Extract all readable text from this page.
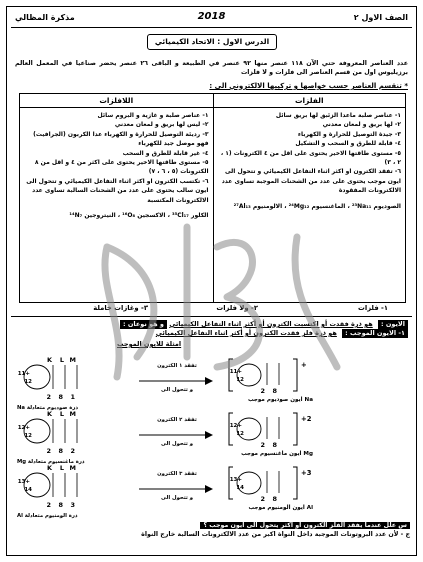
الصف الاول ٢
2018
مذكرة المظالي
الدرس الاول : الاتحاد الكيميائي
عدد العناصر المعروفة حتي الآن ١١٨ عنصر منها ٩٢ عنصر في الطبيعة و الباقى ٢٦ عنصر يحضر صناعيا في المعمل العالم برزيليوس اول من قسم العناصر الى فلزات و لا فلزات
* تنقسم العناصر حسب خواصها و تركيبها الالكتروني الى :
الفلزات
١- عناصر صلبة ماعدا الزئبق لها بريق سائل
٢- لها بريق و لمعان معدني
٣- جيدة التوصيل للحرارة و الكهرباء
٤- قابلة للطرق و السحب و التشكيل
٥- مستوى طاقتها الاخير يحتوى على اقل من ٤ الكترونات (١ ، ٢ ، ٣)
٦- تفقد الكترون او اكثر اثناء التفاعل الكيميائي و تتحول الى ايون موجب يحتوى على عدد من الشحنات الموجبة تساوى عدد الالكترونات المفقودة
الصوديوم ²³Na₁₁ ، الماغنسيوم ²⁴Mg₁₂ ، الالومنيوم ²⁷Al₁₃
اللافلزات
١- عناصر صلبة و غازية و البروم سائل
٢- ليس لها بريق و لمعان معدني
٣- رديئة التوصيل للحرارة و الكهرباء عدا الكربون (الجرافيت) فهو موصل جيد للكهرباء
٤- غير قابلة للطرق و السحب
٥- مستوى طاقتها الاخير يحتوى على اكثر من ٤ و اقل من ٨ الكترونات (٥ ، ٦ ، ٧)
٦- تكتسب الكترون او اكثر اثناء التفاعل الكيميائي و تتحول الى ايون سالب يحتوى على عدد من الشحنات السالبة تساوى عدد الالكترونات المكتسبة
الكلور ³⁵Cl₁₇ ، الاكسجين ¹⁶O₈ ، النيتروجين ¹⁴N₇
١- فلزات
٢- ولا فلزات
٣- وغازات خاملة
الايون : هو ذرة فقدت أو اكتسبت الكترون أو أكثر اثناء التفاعل الكيميائي و هو نوعان :
١- الايون الموجب : هو ذرة فلز فقدت الكترون أو أكثر اثناء التفاعل الكيميائي
امثلة للايون الموجب
K L M
+11
12
2 8 1
ذرة صوديوم متعادلة Na
تفقد ١ الكترون
و تتحول الى
+11
12
2 8
+
ايون صوديوم موجب Na
K L M
+12
12
2 8 2
ذرة ماغنسيوم متعادلة Mg
تفقد ٢ الكترون
و تتحول الى
+12
12
2 8
+2
ايون ماغنسيوم موجب Mg
K L M
+13
14
2 8 3
ذرة الومنيوم متعادلة Al
تفقد ٣ الكترون
و تتحول الى
+13
14
2 8
+3
ايون الومنيوم موجب Al
س علل عندما يفقد الفلز الكترون أو أكثر يتحول الى ايون موجب ؟
ج - لأن عدد البروتونات الموجبة داخل النواة اكبر من عدد الالكترونات السالبة خارج النواة
